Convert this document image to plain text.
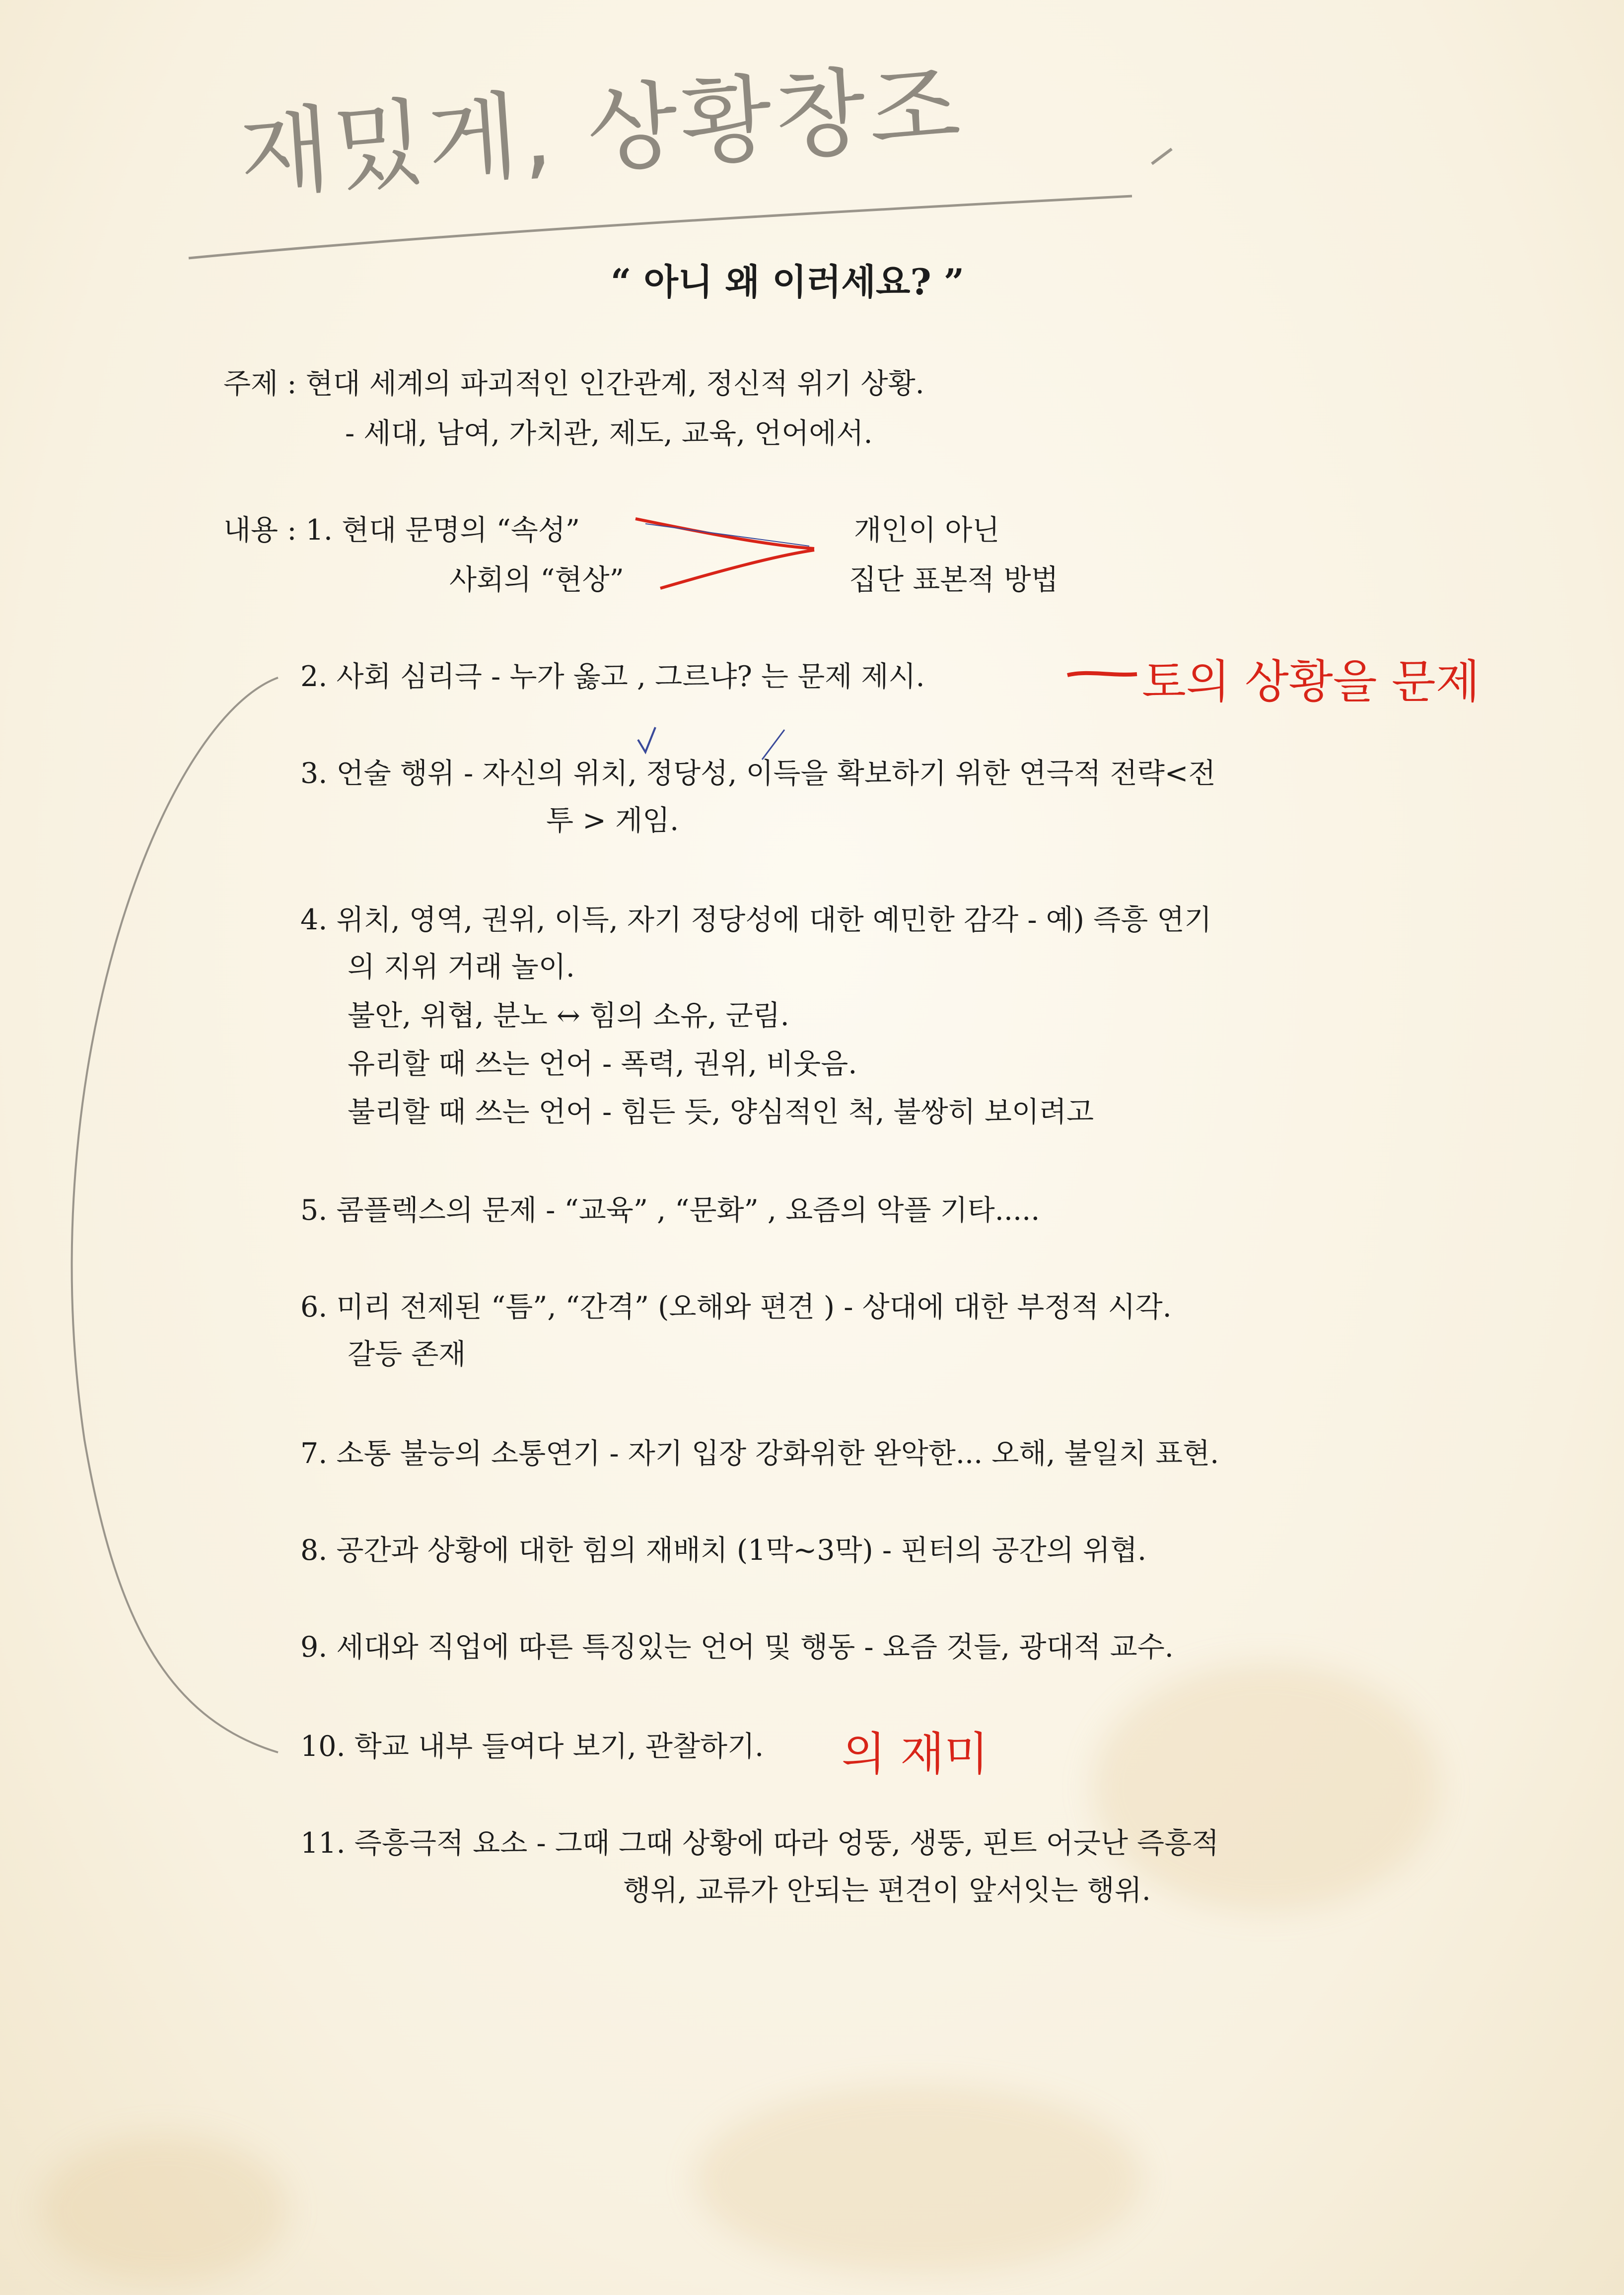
재밌게, 상황창조
“ 아니 왜 이러세요? ”
주제 : 현대 세계의 파괴적인 인간관계, 정신적 위기 상황.
- 세대, 남여, 가치관, 제도, 교육, 언어에서.
내용 : 1. 현대 문명의 “속성”
사회의 “현상”
개인이 아닌
집단 표본적 방법
2. 사회 심리극 - 누가 옳고 , 그르냐? 는 문제 제시.	토의 상황을 문제
3. 언술 행위 - 자신의 위치, 정당성, 이득을 확보하기 위한 연극적 전략<전
투 > 게임.
4. 위치, 영역, 권위, 이득, 자기 정당성에 대한 예민한 감각 - 예) 즉흥 연기
의 지위 거래 놀이.
불안, 위협, 분노 ↔ 힘의 소유, 군림.
유리할 때 쓰는 언어 - 폭력, 권위, 비웃음.
불리할 때 쓰는 언어 - 힘든 듯, 양심적인 척, 불쌍히 보이려고
5. 콤플렉스의 문제 - “교육” , “문화” , 요즘의 악플 기타.....
6. 미리 전제된 “틈”, “간격” (오해와 편견 ) - 상대에 대한 부정적 시각.
갈등 존재
7. 소통 불능의 소통연기 - 자기 입장 강화위한 완악한... 오해, 불일치 표현.
8. 공간과 상황에 대한 힘의 재배치 (1막~3막) - 핀터의 공간의 위협.
9. 세대와 직업에 따른 특징있는 언어 및 행동 - 요즘 것들, 광대적 교수.
10. 학교 내부 들여다 보기, 관찰하기. 의 재미
11. 즉흥극적 요소 - 그때 그때 상황에 따라 엉뚱, 생뚱, 핀트 어긋난 즉흥적
행위, 교류가 안되는 편견이 앞서잇는 행위.
